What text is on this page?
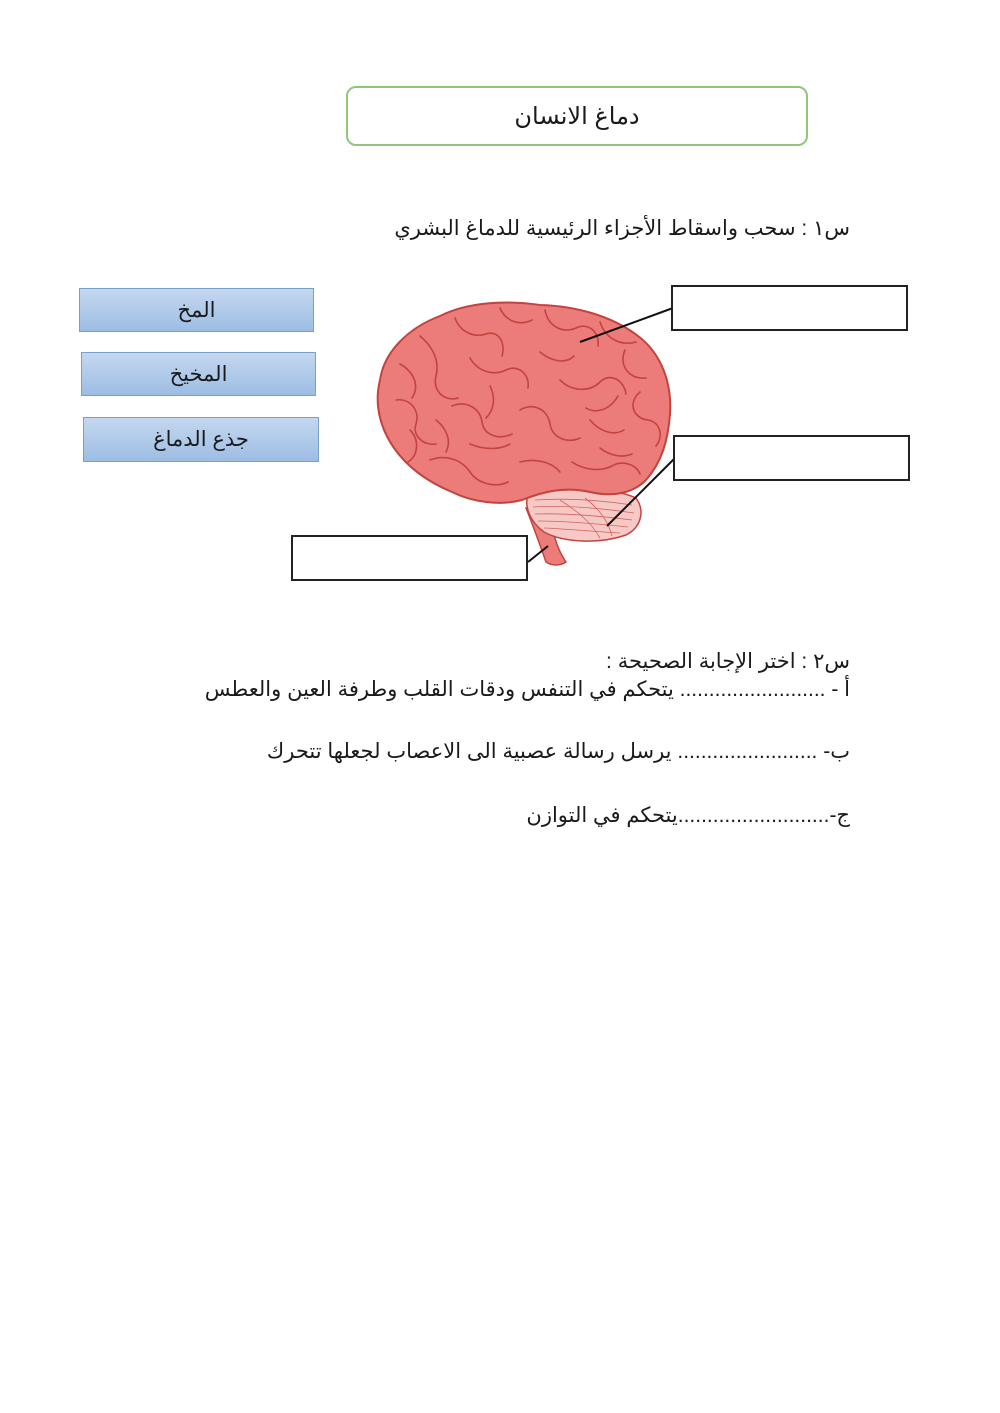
دماغ الانسان
س١ : سحب واسقاط الأجزاء الرئيسية للدماغ البشري
المخ
المخيخ
جذع الدماغ
س٢ : اختر الإجابة الصحيحة :
أ - ......................... يتحكم في التنفس ودقات القلب وطرفة العين والعطس
ب- ........................ يرسل رسالة عصبية الى الاعصاب لجعلها تتحرك
ج-..........................يتحكم في التوازن
